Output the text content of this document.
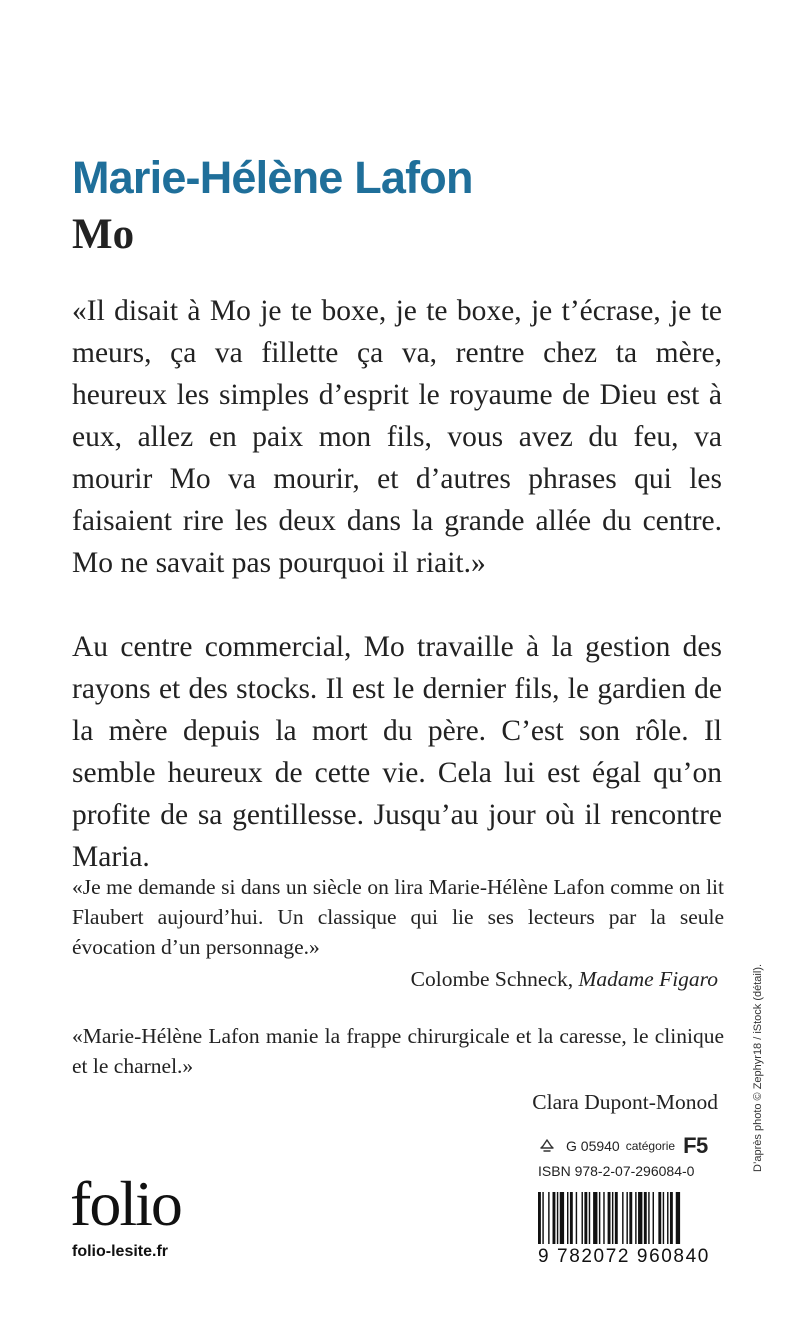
Marie-Hélène Lafon
Mo

«Il disait à Mo je te boxe, je te boxe, je t’écrase, je te meurs, ça va fillette ça va, rentre chez ta mère, heureux les simples d’esprit le royaume de Dieu est à eux, allez en paix mon fils, vous avez du feu, va mourir Mo va mourir, et d’autres phrases qui les faisaient rire les deux dans la grande allée du centre. Mo ne savait pas pourquoi il riait.»

Au centre commercial, Mo travaille à la gestion des rayons et des stocks. Il est le dernier fils, le gardien de la mère depuis la mort du père. C’est son rôle. Il semble heureux de cette vie. Cela lui est égal qu’on profite de sa gentillesse. Jusqu’au jour où il rencontre Maria.

«Je me demande si dans un siècle on lira Marie-Hélène Lafon comme on lit Flaubert aujourd’hui. Un classique qui lie ses lecteurs par la seule évocation d’un personnage.»

Colombe Schneck, Madame Figaro

«Marie-Hélène Lafon manie la frappe chirurgicale et la caresse, le clinique et le charnel.»

Clara Dupont-Monod	D’après photo © Zephyr18 / iStock (détail).
folio
folio-lesite.fr
G 05940 catégorie F5
ISBN 978-2-07-296084-0
9 782072 960840
